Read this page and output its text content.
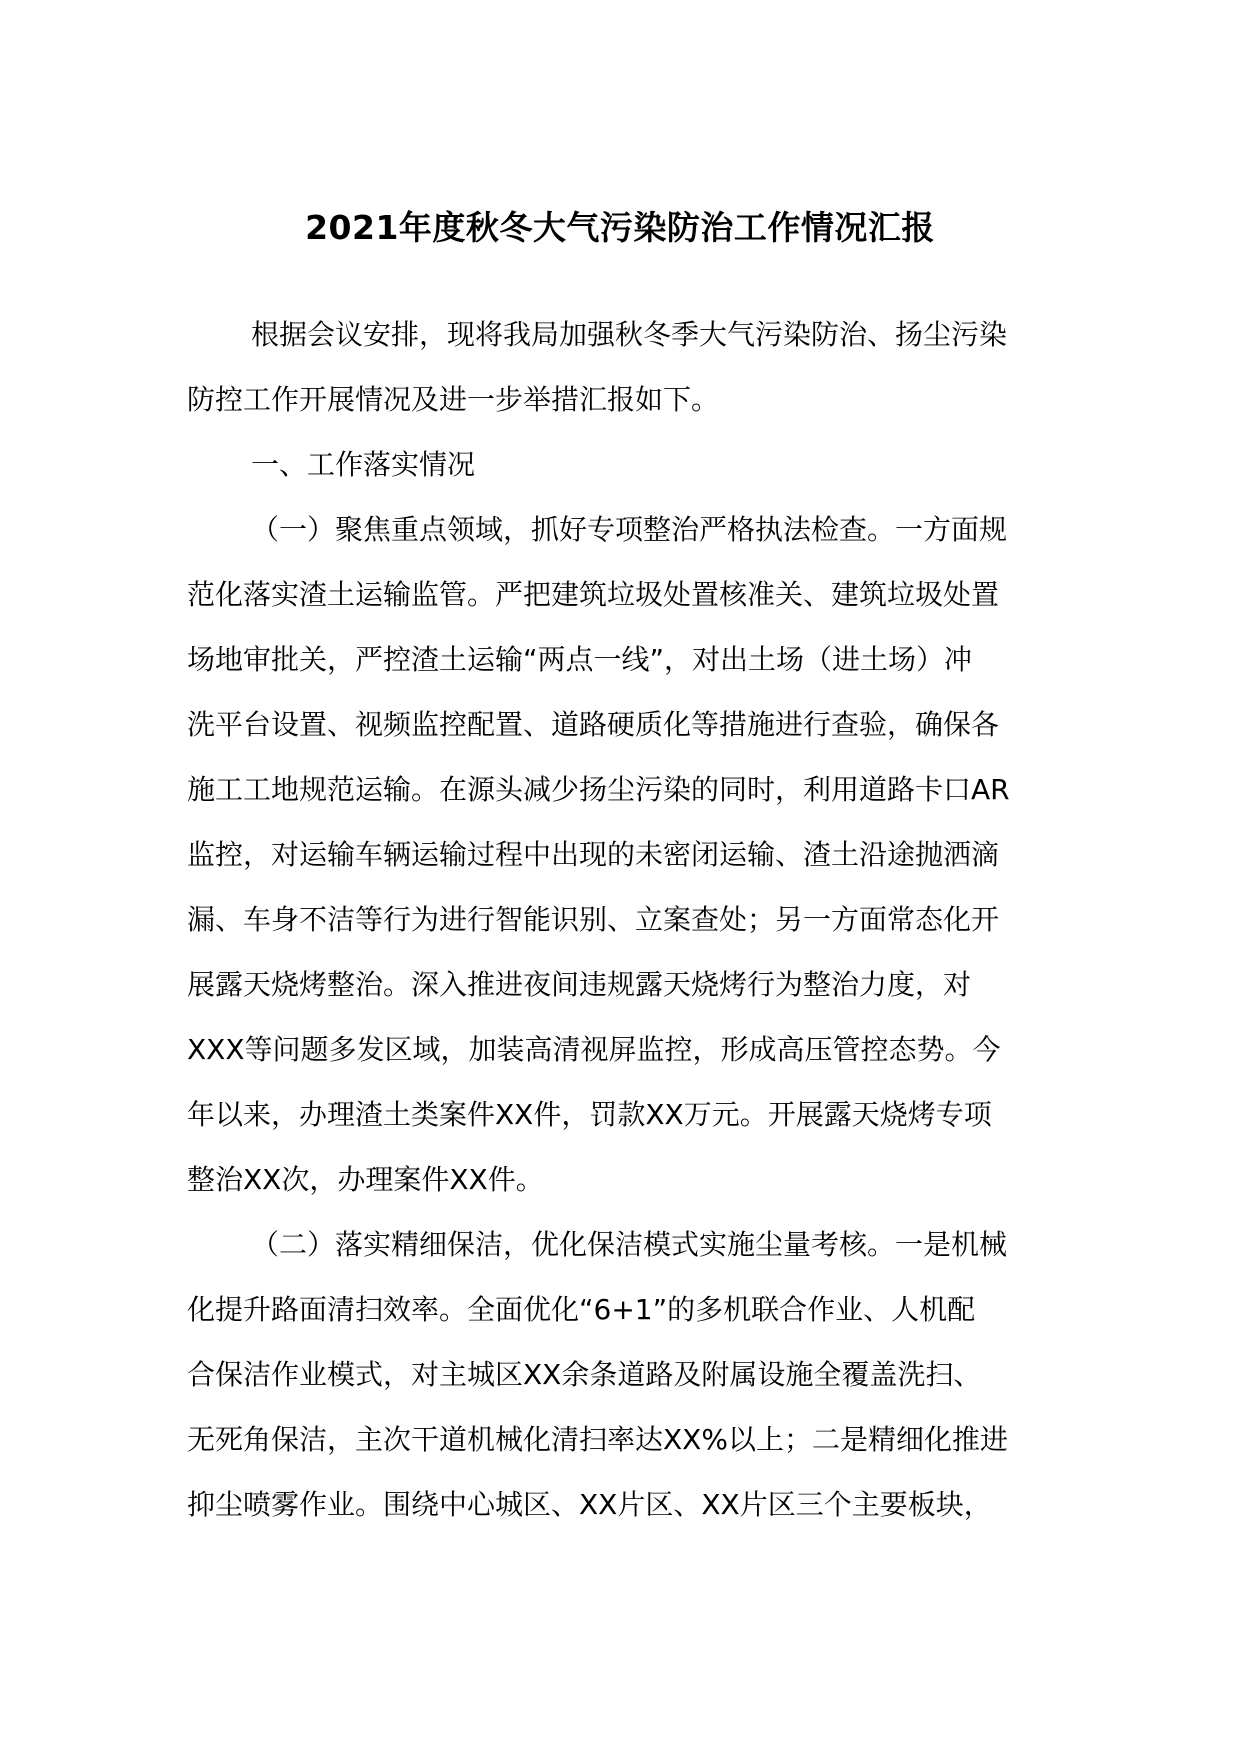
2021年度秋冬大气污染防治工作情况汇报

根据会议安排，现将我局加强秋冬季大气污染防治、扬尘污染
防控工作开展情况及进一步举措汇报如下。

一、工作落实情况

（一）聚焦重点领域，抓好专项整治严格执法检查。一方面规
范化落实渣土运输监管。严把建筑垃圾处置核准关、建筑垃圾处置
场地审批关，严控渣土运输“两点一线”，对出土场（进土场）冲
洗平台设置、视频监控配置、道路硬质化等措施进行查验，确保各
施工工地规范运输。在源头减少扬尘污染的同时，利用道路卡口AR
监控，对运输车辆运输过程中出现的未密闭运输、渣土沿途抛洒滴
漏、车身不洁等行为进行智能识别、立案查处；另一方面常态化开
展露天烧烤整治。深入推进夜间违规露天烧烤行为整治力度，对
XXX等问题多发区域，加装高清视屏监控，形成高压管控态势。今
年以来，办理渣土类案件XX件，罚款XX万元。开展露天烧烤专项
整治XX次，办理案件XX件。

（二）落实精细保洁，优化保洁模式实施尘量考核。一是机械
化提升路面清扫效率。全面优化“6+1”的多机联合作业、人机配
合保洁作业模式，对主城区XX余条道路及附属设施全覆盖洗扫、
无死角保洁，主次干道机械化清扫率达XX%以上；二是精细化推进
抑尘喷雾作业。围绕中心城区、XX片区、XX片区三个主要板块，
